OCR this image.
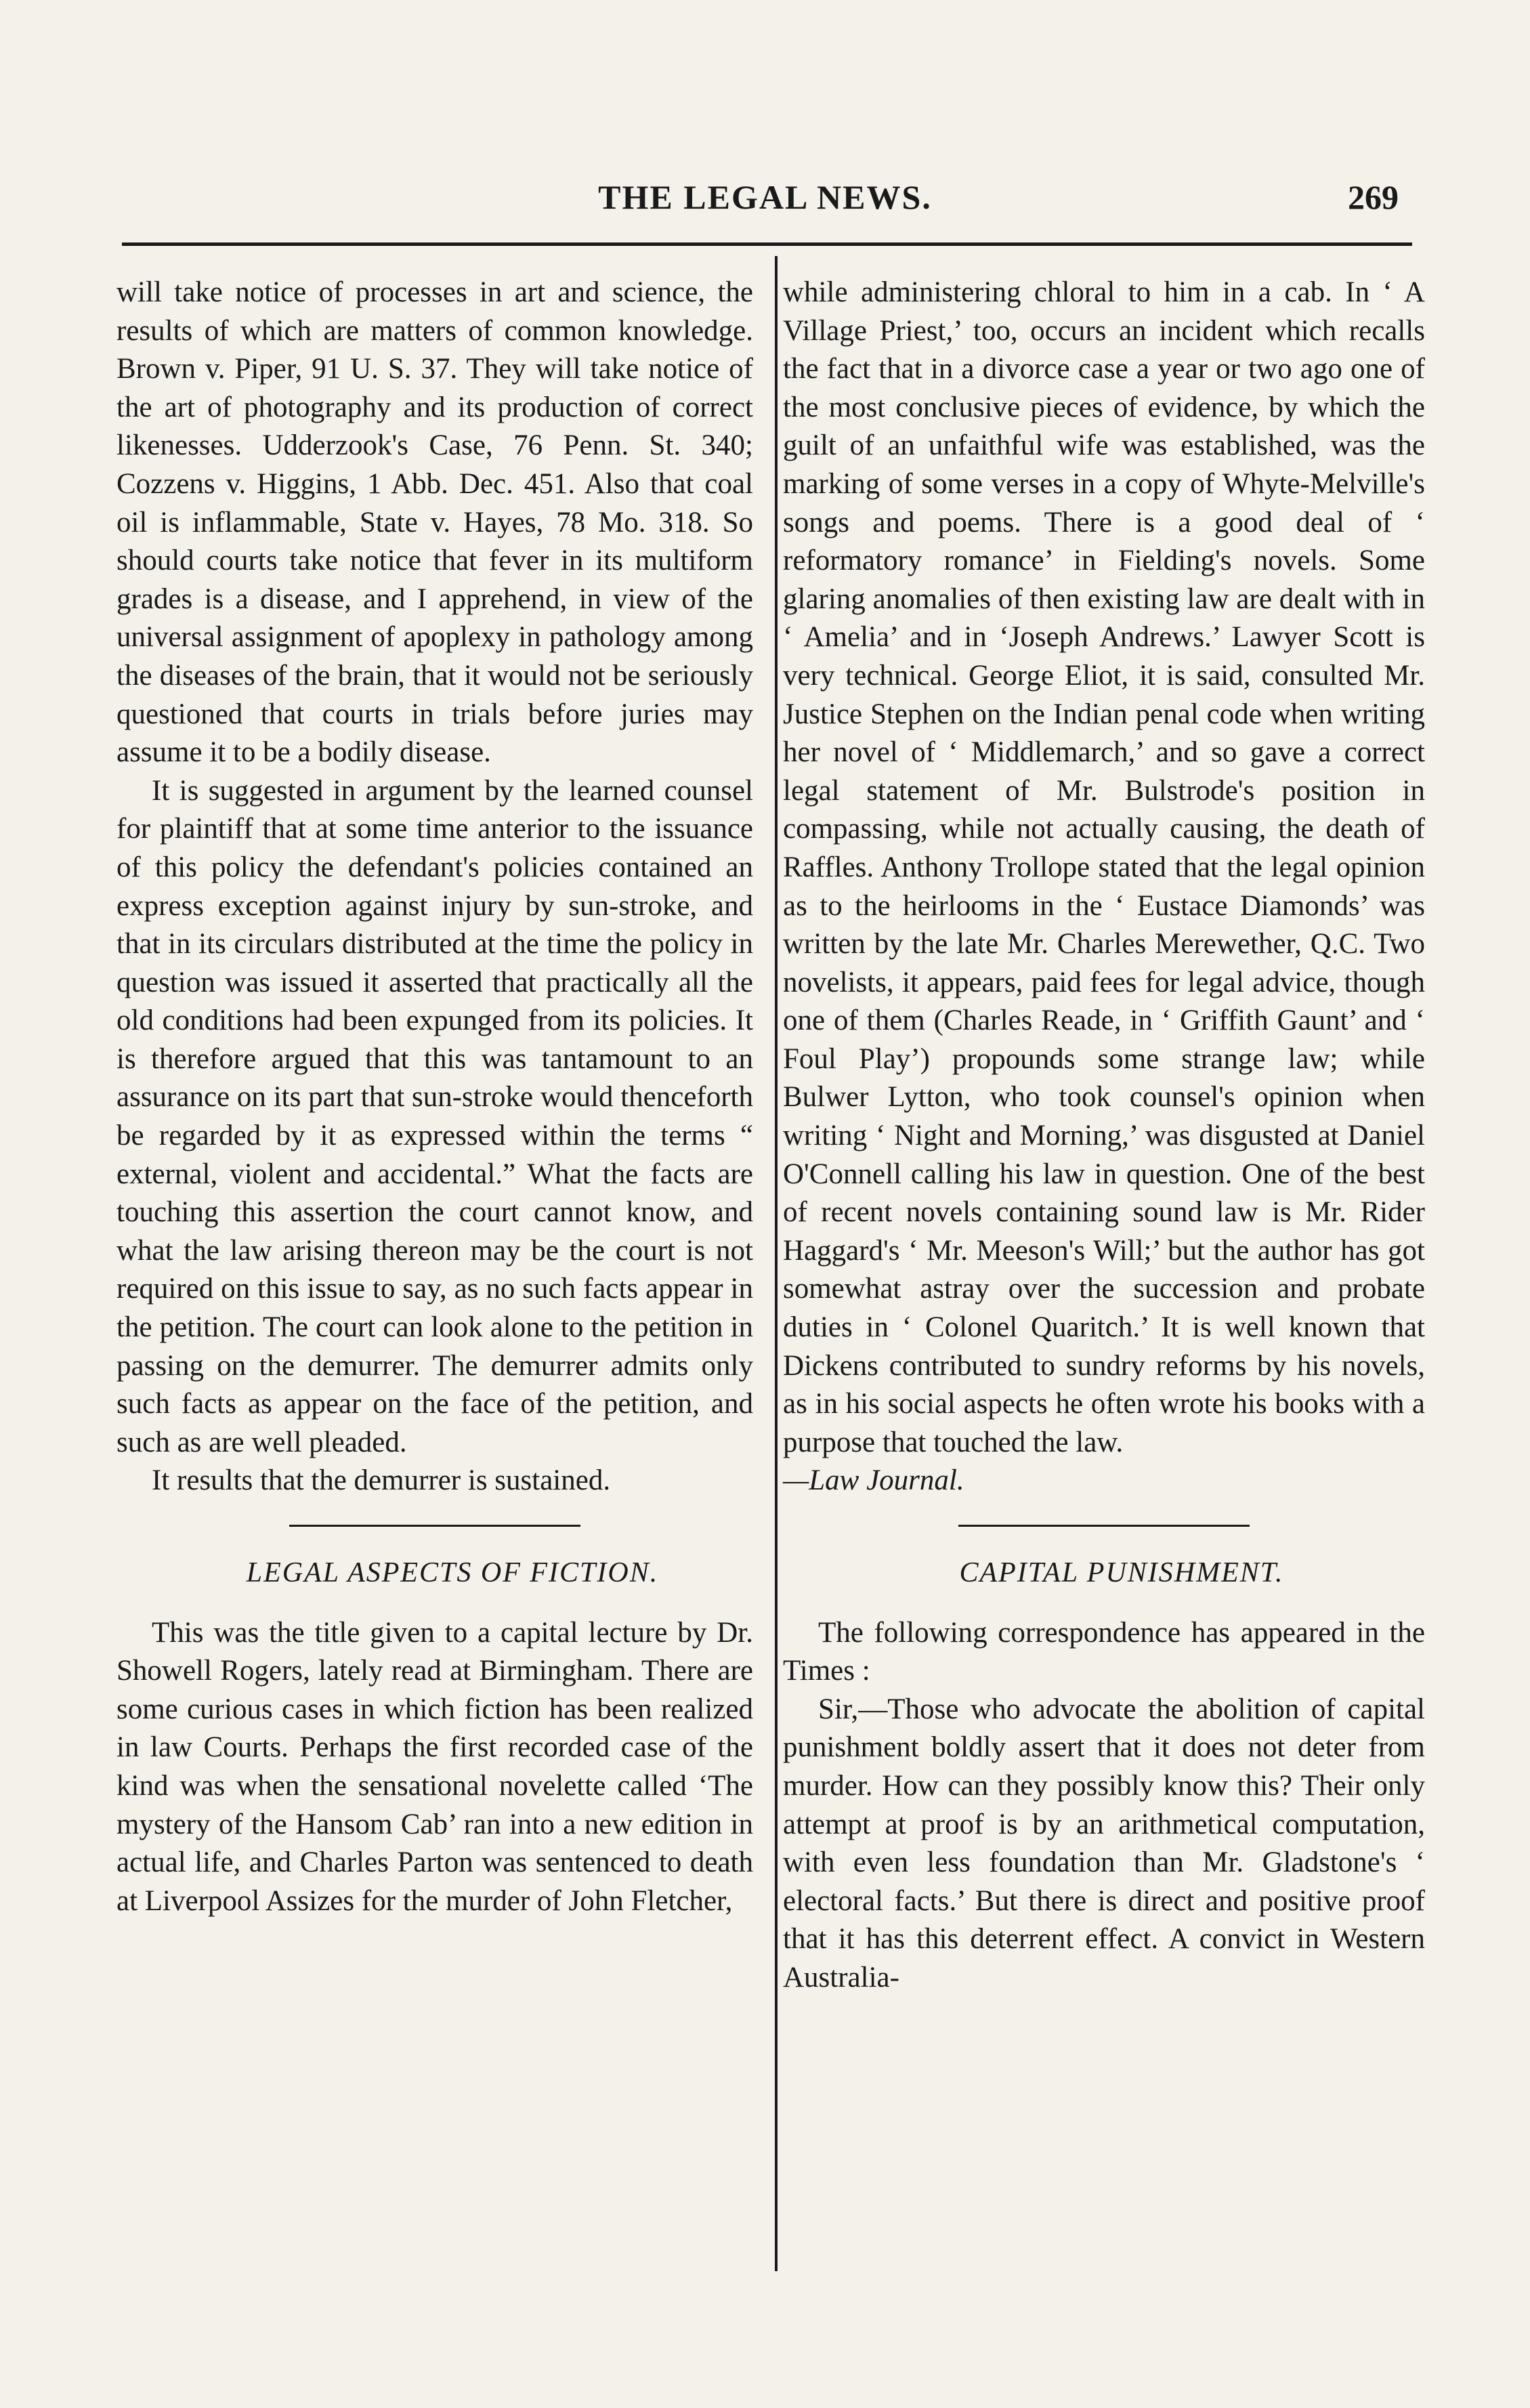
THE LEGAL NEWS.	269

will take notice of processes in art and science, the results of which are matters of common knowledge. Brown v. Piper, 91 U. S. 37. They will take notice of the art of photography and its production of correct likenesses. Udderzook's Case, 76 Penn. St. 340; Cozzens v. Higgins, 1 Abb. Dec. 451. Also that coal oil is inflammable, State v. Hayes, 78 Mo. 318. So should courts take notice that fever in its multiform grades is a disease, and I apprehend, in view of the universal assignment of apoplexy in pathology among the diseases of the brain, that it would not be seriously questioned that courts in trials before juries may assume it to be a bodily disease.

It is suggested in argument by the learned counsel for plaintiff that at some time anterior to the issuance of this policy the defendant's policies contained an express exception against injury by sun-stroke, and that in its circulars distributed at the time the policy in question was issued it asserted that practically all the old conditions had been expunged from its policies. It is therefore argued that this was tantamount to an assurance on its part that sun-stroke would thenceforth be regarded by it as expressed within the terms “ external, violent and accidental.” What the facts are touching this assertion the court cannot know, and what the law arising thereon may be the court is not required on this issue to say, as no such facts appear in the petition. The court can look alone to the petition in passing on the demurrer. The demurrer admits only such facts as appear on the face of the petition, and such as are well pleaded.

It results that the demurrer is sustained.

LEGAL ASPECTS OF FICTION.

This was the title given to a capital lecture by Dr. Showell Rogers, lately read at Birmingham. There are some curious cases in which fiction has been realized in law Courts. Perhaps the first recorded case of the kind was when the sensational novelette called ‘The mystery of the Hansom Cab’ ran into a new edition in actual life, and Charles Parton was sentenced to death at Liverpool Assizes for the murder of John Fletcher,

while administering chloral to him in a cab. In ‘ A Village Priest,’ too, occurs an incident which recalls the fact that in a divorce case a year or two ago one of the most conclusive pieces of evidence, by which the guilt of an unfaithful wife was established, was the marking of some verses in a copy of Whyte-Melville's songs and poems. There is a good deal of ‘ reformatory romance’ in Fielding's novels. Some glaring anomalies of then existing law are dealt with in ‘ Amelia’ and in ‘Joseph Andrews.’ Lawyer Scott is very technical. George Eliot, it is said, consulted Mr. Justice Stephen on the Indian penal code when writing her novel of ‘ Middlemarch,’ and so gave a correct legal statement of Mr. Bulstrode's position in compassing, while not actually causing, the death of Raffles. Anthony Trollope stated that the legal opinion as to the heirlooms in the ‘ Eustace Diamonds’ was written by the late Mr. Charles Merewether, Q.C. Two novelists, it appears, paid fees for legal advice, though one of them (Charles Reade, in ‘ Griffith Gaunt’ and ‘ Foul Play’) propounds some strange law; while Bulwer Lytton, who took counsel's opinion when writing ‘ Night and Morning,’ was disgusted at Daniel O'Connell calling his law in question. One of the best of recent novels containing sound law is Mr. Rider Haggard's ‘ Mr. Meeson's Will;’ but the author has got somewhat astray over the succession and probate duties in ‘ Colonel Quaritch.’ It is well known that Dickens contributed to sundry reforms by his novels, as in his social aspects he often wrote his books with a purpose that touched the law.

—Law Journal.

CAPITAL PUNISHMENT.

The following correspondence has appeared in the Times :

Sir,—Those who advocate the abolition of capital punishment boldly assert that it does not deter from murder. How can they possibly know this? Their only attempt at proof is by an arithmetical computation, with even less foundation than Mr. Gladstone's ‘ electoral facts.’ But there is direct and positive proof that it has this deterrent effect. A convict in Western Australia-
